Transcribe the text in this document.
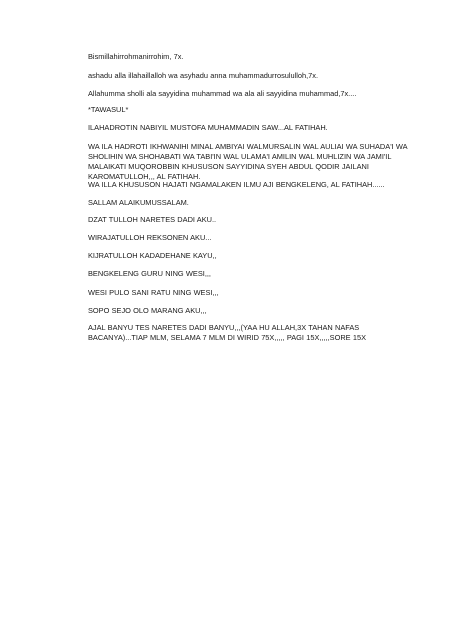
Bismillahirrohmanirrohim, 7x.

ashadu alla illahaillalloh wa asyhadu anna muhammadurrosululloh,7x.

Allahumma sholli ala sayyidina muhammad wa ala ali sayyidina muhammad,7x....

*TAWASUL*

ILAHADROTIN NABIYIL MUSTOFA MUHAMMADIN SAW...AL FATIHAH.

WA ILA HADROTI IKHWANIHI MINAL AMBIYAI WALMURSALIN WAL AULIAI WA SUHADA'I WA SHOLIHIN WA SHOHABATI WA TABI'IN WAL ULAMA'I AMILIN WAL MUHLIZIN WA JAMI'IL MALAIKATI MUQOROBBIN KHUSUSON SAYYIDINA SYEH ABDUL QODIR JAILANI KAROMATULLOH,,, AL FATIHAH.

WA ILLA KHUSUSON HAJATI NGAMALAKEN ILMU AJI BENGKELENG, AL FATIHAH......

SALLAM ALAIKUMUSSALAM.

DZAT TULLOH NARETES DADI AKU..

WIRAJATULLOH REKSONEN AKU...

KIJRATULLOH KADADEHANE KAYU,,

BENGKELENG GURU NING WESI,,,

WESI PULO SANI RATU NING WESI,,,

SOPO SEJO OLO MARANG AKU,,,

AJAL BANYU TES NARETES DADI BANYU,,,(YAA HU ALLAH,3X TAHAN NAFAS BACANYA)...TIAP MLM, SELAMA 7 MLM DI WIRID 75X,,,,, PAGI 15X,,,,,SORE 15X
